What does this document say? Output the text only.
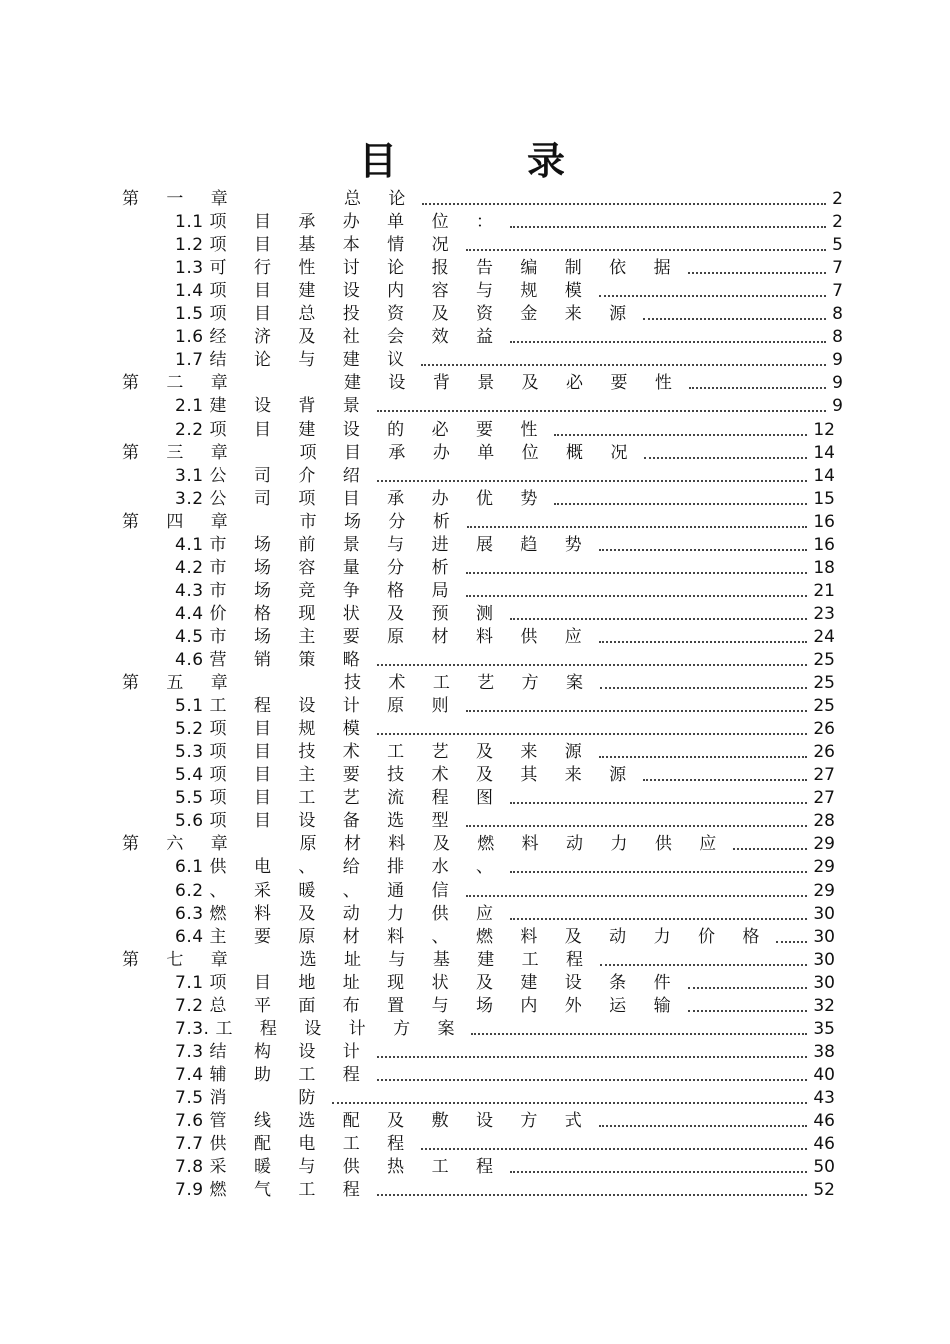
目　录
第 一 章 　 　 总 论	2
1.1 项 目 承 办 单 位 ：	2
1.2 项 目 基 本 情 况	5
1.3 可 行 性 讨 论 报 告 编 制 依 据	7
1.4 项 目 建 设 内 容 与 规 模	7
1.5 项 目 总 投 资 及 资 金 来 源	8
1.6 经 济 及 社 会 效 益	8
1.7 结 论 与 建 议	9
第 二 章 　 　 建 设 背 景 及 必 要 性	9
2.1 建 设 背 景	9
2.2 项 目 建 设 的 必 要 性	12
第 三 章 　 项 目 承 办 单 位 概 况	14
3.1 公 司 介 绍	14
3.2 公 司 项 目 承 办 优 势	15
第 四 章 　 市 场 分 析	16
4.1 市 场 前 景 与 进 展 趋 势	16
4.2 市 场 容 量 分 析	18
4.3 市 场 竞 争 格 局	21
4.4 价 格 现 状 及 预 测	23
4.5 市 场 主 要 原 材 料 供 应	24
4.6 营 销 策 略	25
第 五 章 　 　 技 术 工 艺 方 案	25
5.1 工 程 设 计 原 则	25
5.2 项 目 规 模	26
5.3 项 目 技 术 工 艺 及 来 源	26
5.4 项 目 主 要 技 术 及 其 来 源	27
5.5 项 目 工 艺 流 程 图	27
5.6 项 目 设 备 选 型	28
第 六 章 　 原 材 料 及 燃 料 动 力 供 应	29
6.1 供 电 、 给 排 水 、	29
6.2 、 采 暖 、 通 信	29
6.3 燃 料 及 动 力 供 应	30
6.4 主 要 原 材 料 、 燃 料 及 动 力 价 格	30
第 七 章 　 选 址 与 基 建 工 程	30
7.1 项 目 地 址 现 状 及 建 设 条 件	30
7.2 总 平 面 布 置 与 场 内 外 运 输	32
7.3. 工 程 设 计 方 案	35
7.3 结 构 设 计	38
7.4 辅 助 工 程	40
7.5 消 　 防	43
7.6 管 线 选 配 及 敷 设 方 式	46
7.7 供 配 电 工 程	46
7.8 采 暖 与 供 热 工 程	50
7.9 燃 气 工 程	52
